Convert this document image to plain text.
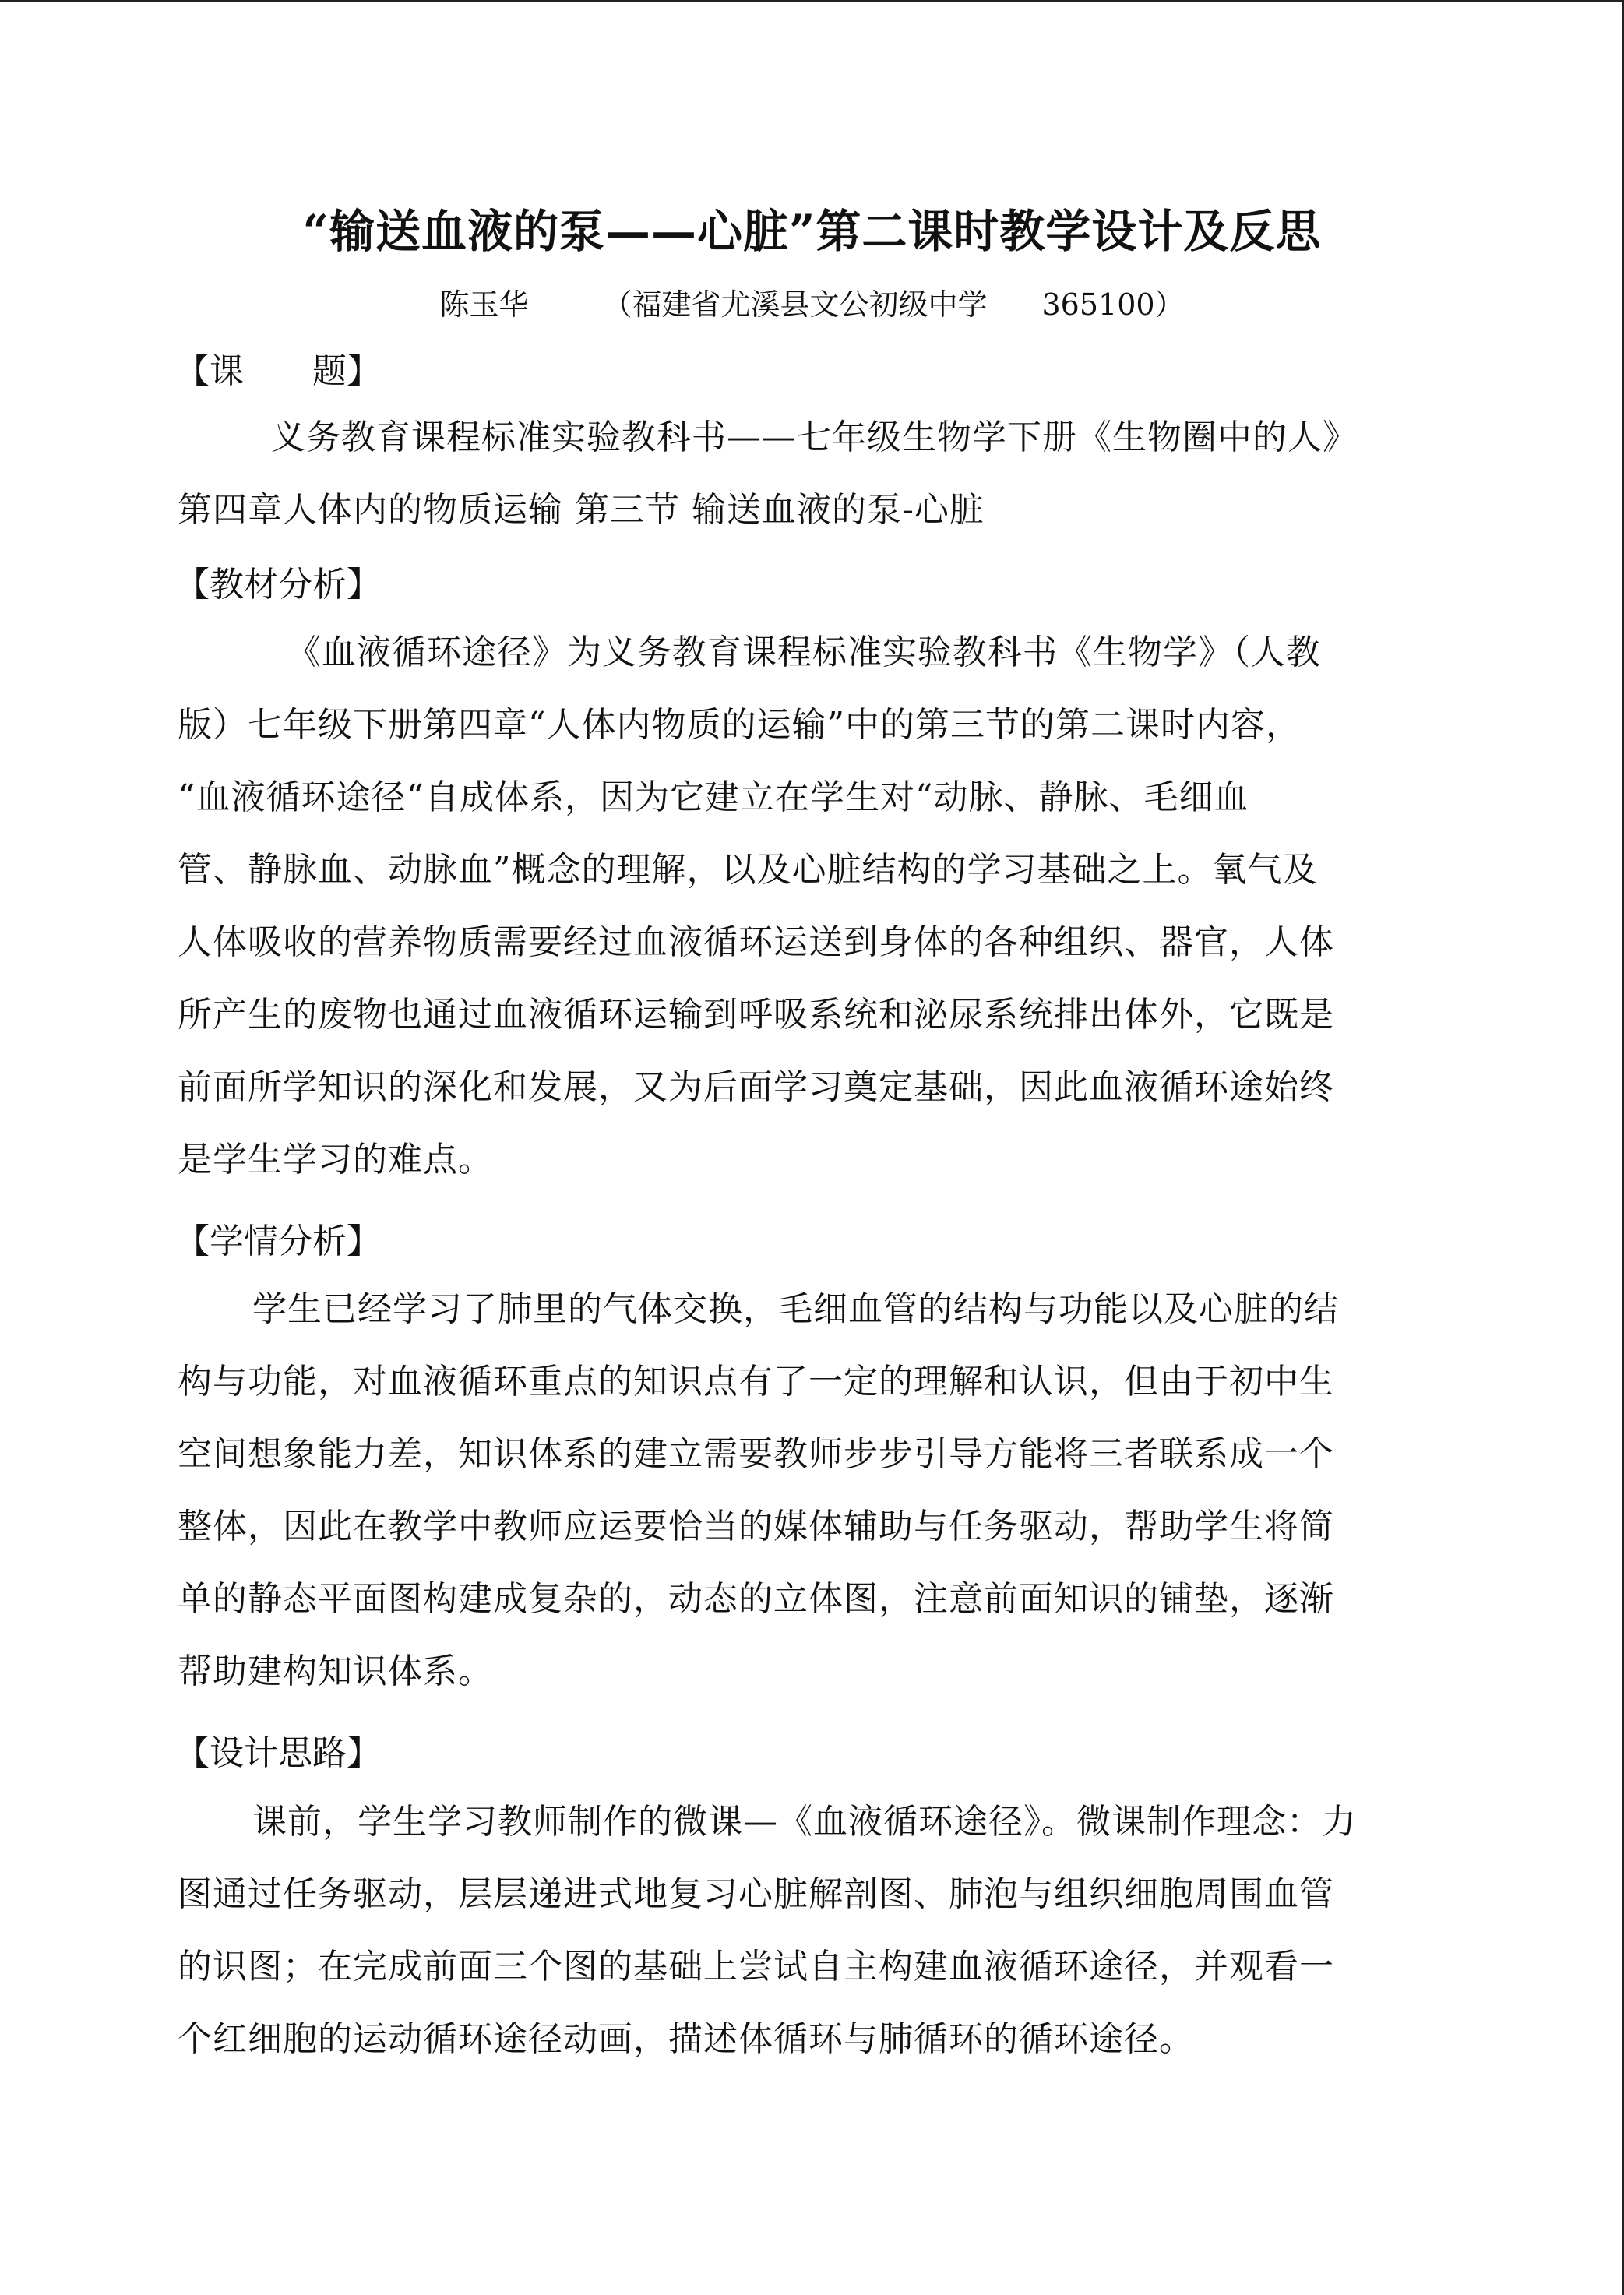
“输送血液的泵——心脏”第二课时教学设计及反思
陈玉华	（福建省尤溪县文公初级中学 365100）
【课　　题】
义务教育课程标准实验教科书——七年级生物学下册《生物圈中的人》
第四章人体内的物质运输 第三节 输送血液的泵-心脏
【教材分析】
《血液循环途径》为义务教育课程标准实验教科书《生物学》（人教
版）七年级下册第四章“人体内物质的运输”中的第三节的第二课时内容，
“血液循环途径“自成体系，因为它建立在学生对“动脉、静脉、毛细血
管、静脉血、动脉血”概念的理解，以及心脏结构的学习基础之上。氧气及
人体吸收的营养物质需要经过血液循环运送到身体的各种组织、器官，人体
所产生的废物也通过血液循环运输到呼吸系统和泌尿系统排出体外，它既是
前面所学知识的深化和发展，又为后面学习奠定基础，因此血液循环途始终
是学生学习的难点。
【学情分析】
学生已经学习了肺里的气体交换，毛细血管的结构与功能以及心脏的结
构与功能，对血液循环重点的知识点有了一定的理解和认识，但由于初中生
空间想象能力差，知识体系的建立需要教师步步引导方能将三者联系成一个
整体，因此在教学中教师应运要恰当的媒体辅助与任务驱动，帮助学生将简
单的静态平面图构建成复杂的，动态的立体图，注意前面知识的铺垫，逐渐
帮助建构知识体系。
【设计思路】
课前，学生学习教师制作的微课—《血液循环途径》。微课制作理念：力
图通过任务驱动，层层递进式地复习心脏解剖图、肺泡与组织细胞周围血管
的识图；在完成前面三个图的基础上尝试自主构建血液循环途径，并观看一
个红细胞的运动循环途径动画，描述体循环与肺循环的循环途径。
